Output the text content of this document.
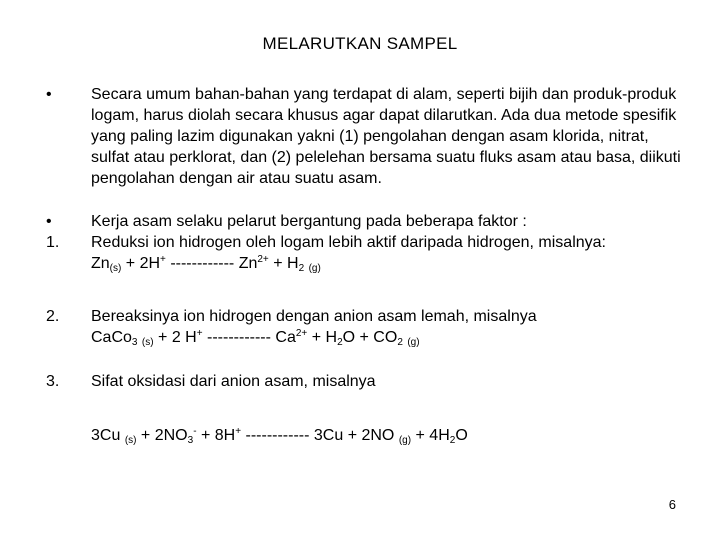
MELARUTKAN SAMPEL
• Secara umum bahan-bahan yang terdapat di alam, seperti bijih dan produk-produk logam, harus diolah secara khusus agar dapat dilarutkan. Ada dua metode spesifik yang paling lazim digunakan yakni (1) pengolahan dengan asam klorida, nitrat, sulfat atau perklorat, dan (2) pelelehan bersama suatu fluks asam atau basa, diikuti pengolahan dengan air atau suatu asam.
• Kerja asam selaku pelarut bergantung pada beberapa faktor :
1. Reduksi ion hidrogen oleh logam lebih aktif daripada hidrogen, misalnya:
$Zn_{(s)} + 2H^+$ ------------ $Zn^{2+} + H_2$ $_{(g)}$
2. Bereaksinya ion hidrogen dengan anion asam lemah, misalnya
CaCo$_3$ $_{(s)}$ + 2 H+ ------------ $Ca^{2+} + H_2O + CO_2$ $_{(g)}$
3. Sifat oksidasi dari anion asam, misalnya
3Cu $_{(s)} + 2NO_3^- + 8H^+$ ------------ 3Cu + 2NO $_{(g)} + 4H_2O$
6
